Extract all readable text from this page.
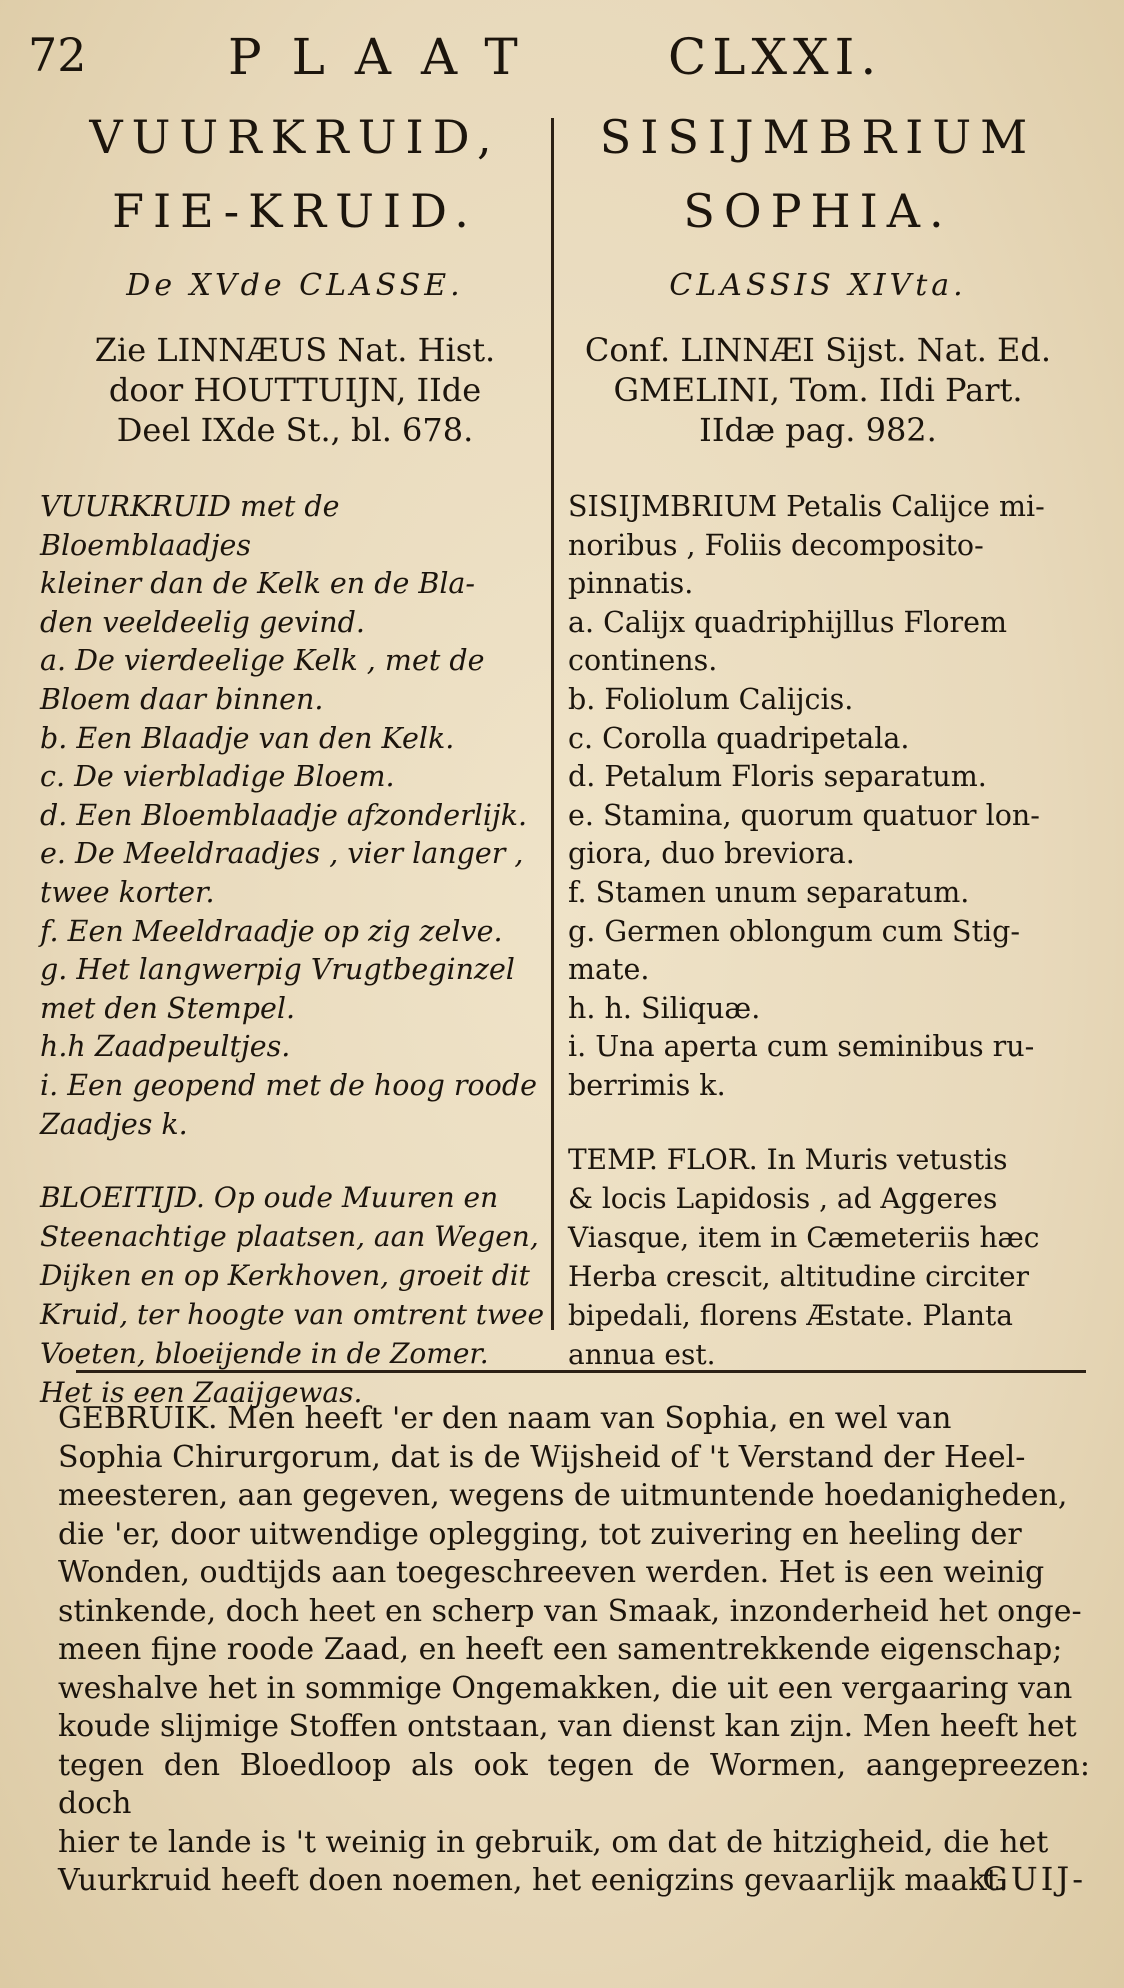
72	PLAAT CLXXI.
VUURKRUID,
FIE-KRUID.
De XVde CLASSE.
Zie LINNÆUS Nat. Hist.
door HOUTTUIJN, IIde
Deel IXde St., bl. 678.

VUURKRUID met de Bloemblaadjes

kleiner dan de Kelk en de Bla-

den veeldeelig gevind.

a. De vierdeelige Kelk , met de

Bloem daar binnen.

b. Een Blaadje van den Kelk.

c. De vierbladige Bloem.

d. Een Bloemblaadje afzonderlijk.

e. De Meeldraadjes , vier langer ,

twee korter.

f. Een Meeldraadje op zig zelve.

g. Het langwerpig Vrugtbeginzel

met den Stempel.

h.h Zaadpeultjes.

i. Een geopend met de hoog roode

Zaadjes k.

BLOEITIJD. Op oude Muuren en
Steenachtige plaatsen, aan Wegen,
Dijken en op Kerkhoven, groeit dit
Kruid, ter hoogte van omtrent twee
Voeten, bloeijende in de Zomer.
Het is een Zaaijgewas.
SISIJMBRIUM
SOPHIA.
CLASSIS XIVta.
Conf. LINNÆI Sijst. Nat. Ed.
GMELINI, Tom. IIdi Part.
IIdæ pag. 982.

SISIJMBRIUM Petalis Calijce mi-

noribus , Foliis decomposito-

pinnatis.

a. Calijx quadriphijllus Florem

continens.

b. Foliolum Calijcis.

c. Corolla quadripetala.

d. Petalum Floris separatum.

e. Stamina, quorum quatuor lon-

giora, duo breviora.

f. Stamen unum separatum.

g. Germen oblongum cum Stig-

mate.

h. h. Siliquæ.

i. Una aperta cum seminibus ru-

berrimis k.

TEMP. FLOR. In Muris vetustis
& locis Lapidosis , ad Aggeres
Viasque, item in Cæmeteriis hæc
Herba crescit, altitudine circiter
bipedali, florens Æstate. Planta
annua est.
GEBRUIK. Men heeft 'er den naam van Sophia, en wel van
Sophia Chirurgorum, dat is de Wijsheid of 't Verstand der Heel-
meesteren, aan gegeven, wegens de uitmuntende hoedanigheden,
die 'er, door uitwendige oplegging, tot zuivering en heeling der
Wonden, oudtijds aan toegeschreeven werden. Het is een weinig
stinkende, doch heet en scherp van Smaak, inzonderheid het onge-
meen fijne roode Zaad, en heeft een samentrekkende eigenschap;
weshalve het in sommige Ongemakken, die uit een vergaaring van
koude slijmige Stoffen ontstaan, van dienst kan zijn. Men heeft het
tegen den Bloedloop als ook tegen de Wormen, aangepreezen: doch
hier te lande is 't weinig in gebruik, om dat de hitzigheid, die het
Vuurkruid heeft doen noemen, het eenigzins gevaarlijk maakt.
GUIJ-
